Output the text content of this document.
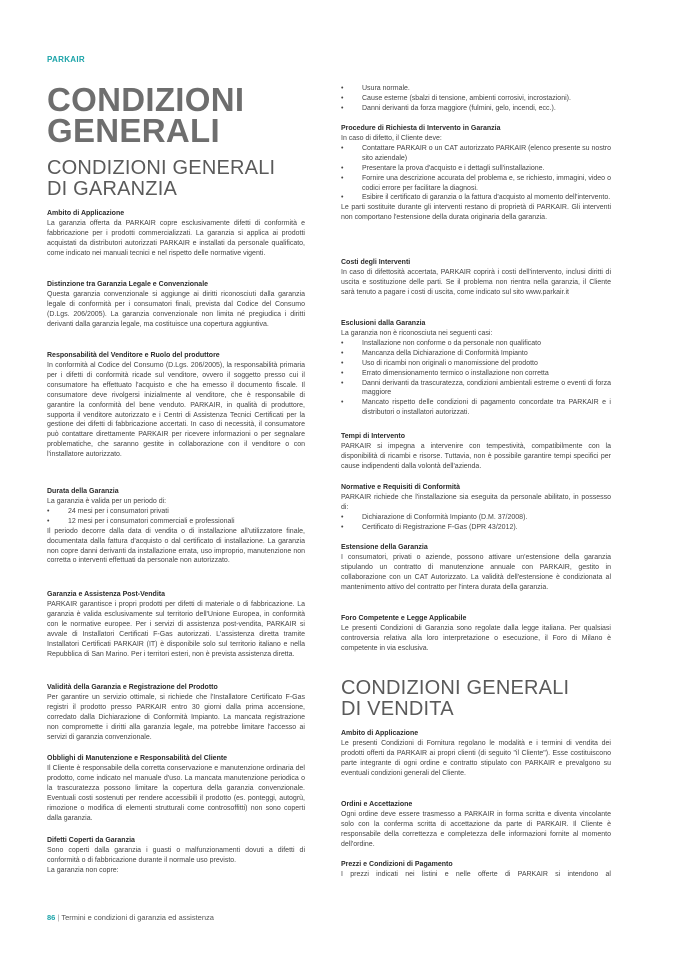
PARKAIR
CONDIZIONI
GENERALI
CONDIZIONI GENERALI
DI GARANZIA
Ambito di Applicazione

La garanzia offerta da PARKAIR copre esclusivamente difetti di conformità e fabbricazione per i prodotti commercializzati. La garanzia si applica ai prodotti acquistati da distributori autorizzati PARKAIR e installati da personale qualificato, come indicato nei manuali tecnici e nel rispetto delle normative vigenti.

Distinzione tra Garanzia Legale e Convenzionale

Questa garanzia convenzionale si aggiunge ai diritti riconosciuti dalla garanzia legale di conformità per i consumatori finali, prevista dal Codice del Consumo (D.Lgs. 206/2005). La garanzia convenzionale non limita né pregiudica i diritti derivanti dalla garanzia legale, ma costituisce una copertura aggiuntiva.

Responsabilità del Venditore e Ruolo del produttore

In conformità al Codice del Consumo (D.Lgs. 206/2005), la responsabilità primaria per i difetti di conformità ricade sul venditore, ovvero il soggetto presso cui il consumatore ha effettuato l'acquisto e che ha emesso il documento fiscale. Il consumatore deve rivolgersi inizialmente al venditore, che è responsabile di garantire la conformità del bene venduto. PARKAIR, in qualità di produttore, supporta il venditore autorizzato e i Centri di Assistenza Tecnici Certificati per la gestione dei difetti di fabbricazione accertati. In caso di necessità, il consumatore può contattare direttamente PARKAIR per ricevere informazioni o per segnalare problematiche, che saranno gestite in collaborazione con il venditore o con l'installatore autorizzato.

Durata della Garanzia

La garanzia è valida per un periodo di:

• 24 mesi per i consumatori privati
• 12 mesi per i consumatori commerciali e professionali

Il periodo decorre dalla data di vendita o di installazione all'utilizzatore finale, documentata dalla fattura d'acquisto o dal certificato di installazione. La garanzia non copre danni derivanti da installazione errata, uso improprio, manutenzione non corretta o interventi effettuati da personale non autorizzato.

Garanzia e Assistenza Post-Vendita

PARKAIR garantisce i propri prodotti per difetti di materiale o di fabbricazione. La garanzia è valida esclusivamente sul territorio dell'Unione Europea, in conformità con le normative europee. Per i servizi di assistenza post-vendita, PARKAIR si avvale di Installatori Certificati F-Gas autorizzati. L'assistenza diretta tramite Installatori Certificati PARKAIR (IT) è disponibile solo sul territorio italiano e nella Repubblica di San Marino. Per i territori esteri, non è prevista assistenza diretta.

Validità della Garanzia e Registrazione del Prodotto

Per garantire un servizio ottimale, si richiede che l'Installatore Certificato F-Gas registri il prodotto presso PARKAIR entro 30 giorni dalla prima accensione, corredato dalla Dichiarazione di Conformità Impianto. La mancata registrazione non compromette i diritti alla garanzia legale, ma potrebbe limitare l'accesso ai servizi di garanzia convenzionale.

Obblighi di Manutenzione e Responsabilità del Cliente

Il Cliente è responsabile della corretta conservazione e manutenzione ordinaria del prodotto, come indicato nel manuale d'uso. La mancata manutenzione periodica o la trascuratezza possono limitare la copertura della garanzia convenzionale. Eventuali costi sostenuti per rendere accessibili il prodotto (es. ponteggi, autogrù, rimozione o modifica di elementi strutturali come controsoffitti) non sono coperti dalla garanzia.

Difetti Coperti da Garanzia

Sono coperti dalla garanzia i guasti o malfunzionamenti dovuti a difetti di conformità o di fabbricazione durante il normale uso previsto.

La garanzia non copre:

• Usura normale.
• Cause esterne (sbalzi di tensione, ambienti corrosivi, incrostazioni).
• Danni derivanti da forza maggiore (fulmini, gelo, incendi, ecc.).
Procedure di Richiesta di Intervento in Garanzia

In caso di difetto, il Cliente deve:

• Contattare PARKAIR o un CAT autorizzato PARKAIR (elenco presente su nostro sito aziendale)
• Presentare la prova d'acquisto e i dettagli sull'installazione.
• Fornire una descrizione accurata del problema e, se richiesto, immagini, video o codici errore per facilitare la diagnosi.
• Esibire il certificato di garanzia o la fattura d'acquisto al momento dell'intervento.

Le parti sostituite durante gli interventi restano di proprietà di PARKAIR. Gli interventi non comportano l'estensione della durata originaria della garanzia.

Costi degli Interventi

In caso di difettosità accertata, PARKAIR coprirà i costi dell'intervento, inclusi diritti di uscita e sostituzione delle parti. Se il problema non rientra nella garanzia, il Cliente sarà tenuto a pagare i costi di uscita, come indicato sul sito www.parkair.it

Esclusioni dalla Garanzia

La garanzia non è riconosciuta nei seguenti casi:

• Installazione non conforme o da personale non qualificato
• Mancanza della Dichiarazione di Conformità Impianto
• Uso di ricambi non originali o manomissione del prodotto
• Errato dimensionamento termico o installazione non corretta
• Danni derivanti da trascuratezza, condizioni ambientali estreme o eventi di forza maggiore
• Mancato rispetto delle condizioni di pagamento concordate tra PARKAIR e i distributori o installatori autorizzati.
Tempi di Intervento

PARKAIR si impegna a intervenire con tempestività, compatibilmente con la disponibilità di ricambi e risorse. Tuttavia, non è possibile garantire tempi specifici per cause indipendenti dalla volontà dell'azienda.

Normative e Requisiti di Conformità

PARKAIR richiede che l'installazione sia eseguita da personale abilitato, in possesso di:

• Dichiarazione di Conformità Impianto (D.M. 37/2008).
• Certificato di Registrazione F-Gas (DPR 43/2012).
Estensione della Garanzia

I consumatori, privati o aziende, possono attivare un'estensione della garanzia stipulando un contratto di manutenzione annuale con PARKAIR, gestito in collaborazione con un CAT Autorizzato. La validità dell'estensione è condizionata al mantenimento attivo del contratto per l'intera durata della garanzia.

Foro Competente e Legge Applicabile

Le presenti Condizioni di Garanzia sono regolate dalla legge italiana. Per qualsiasi controversia relativa alla loro interpretazione o esecuzione, il Foro di Milano è competente in via esclusiva.

CONDIZIONI GENERALI
DI VENDITA
Ambito di Applicazione

Le presenti Condizioni di Fornitura regolano le modalità e i termini di vendita dei prodotti offerti da PARKAIR ai propri clienti (di seguito "il Cliente"). Esse costituiscono parte integrante di ogni ordine e contratto stipulato con PARKAIR e prevalgono su eventuali condizioni generali del Cliente.

Ordini e Accettazione

Ogni ordine deve essere trasmesso a PARKAIR in forma scritta e diventa vincolante solo con la conferma scritta di accettazione da parte di PARKAIR. Il Cliente è responsabile della correttezza e completezza delle informazioni fornite al momento dell'ordine.

Prezzi e Condizioni di Pagamento

I prezzi indicati nei listini e nelle offerte di PARKAIR si intendono al

86 | Termini e condizioni di garanzia ed assistenza
